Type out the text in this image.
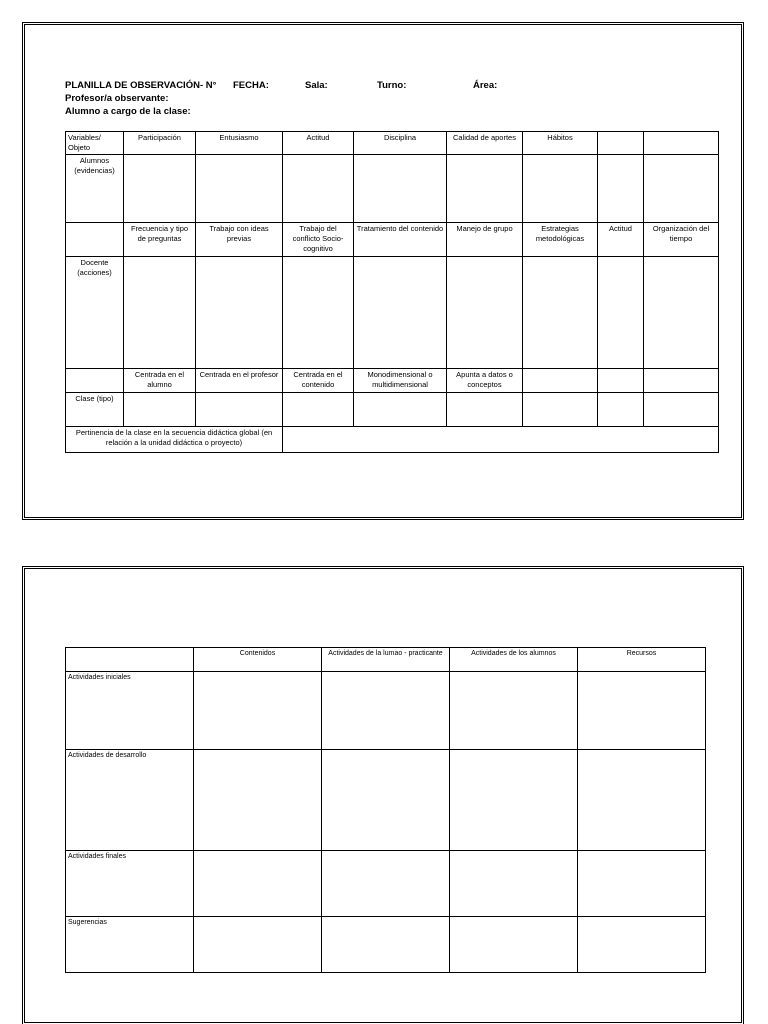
PLANILLA DE OBSERVACIÓN- N° FECHA:	Sala:	Turno:	Área:
Profesor/a observante:
Alumno a cargo de la clase:
Variables/ Objeto	Participación	Entusiasmo	Actitud	Disciplina	Calidad de aportes	Hábitos		
Alumnos (evidencias)								
	Frecuencia y tipo de preguntas	Trabajo con ideas previas	Trabajo del conflicto Socio-cognitivo	Tratamiento del contenido	Manejo de grupo	Estrategias metodológicas	Actitud	Organización del tiempo
Docente (acciones)								
	Centrada en el alumno	Centrada en el profesor	Centrada en el contenido	Monodimensional o multidimensional	Apunta a datos o conceptos			
Clase (tipo)								
Pertinencia de la clase en la secuencia didáctica global (en relación a la unidad didáctica o proyecto)								
	Contenidos	Actividades de la lumao - practicante	Actividades de los alumnos	Recursos
Actividades iniciales				
Actividades de desarrollo				
Actividades finales				
Sugerencias				
